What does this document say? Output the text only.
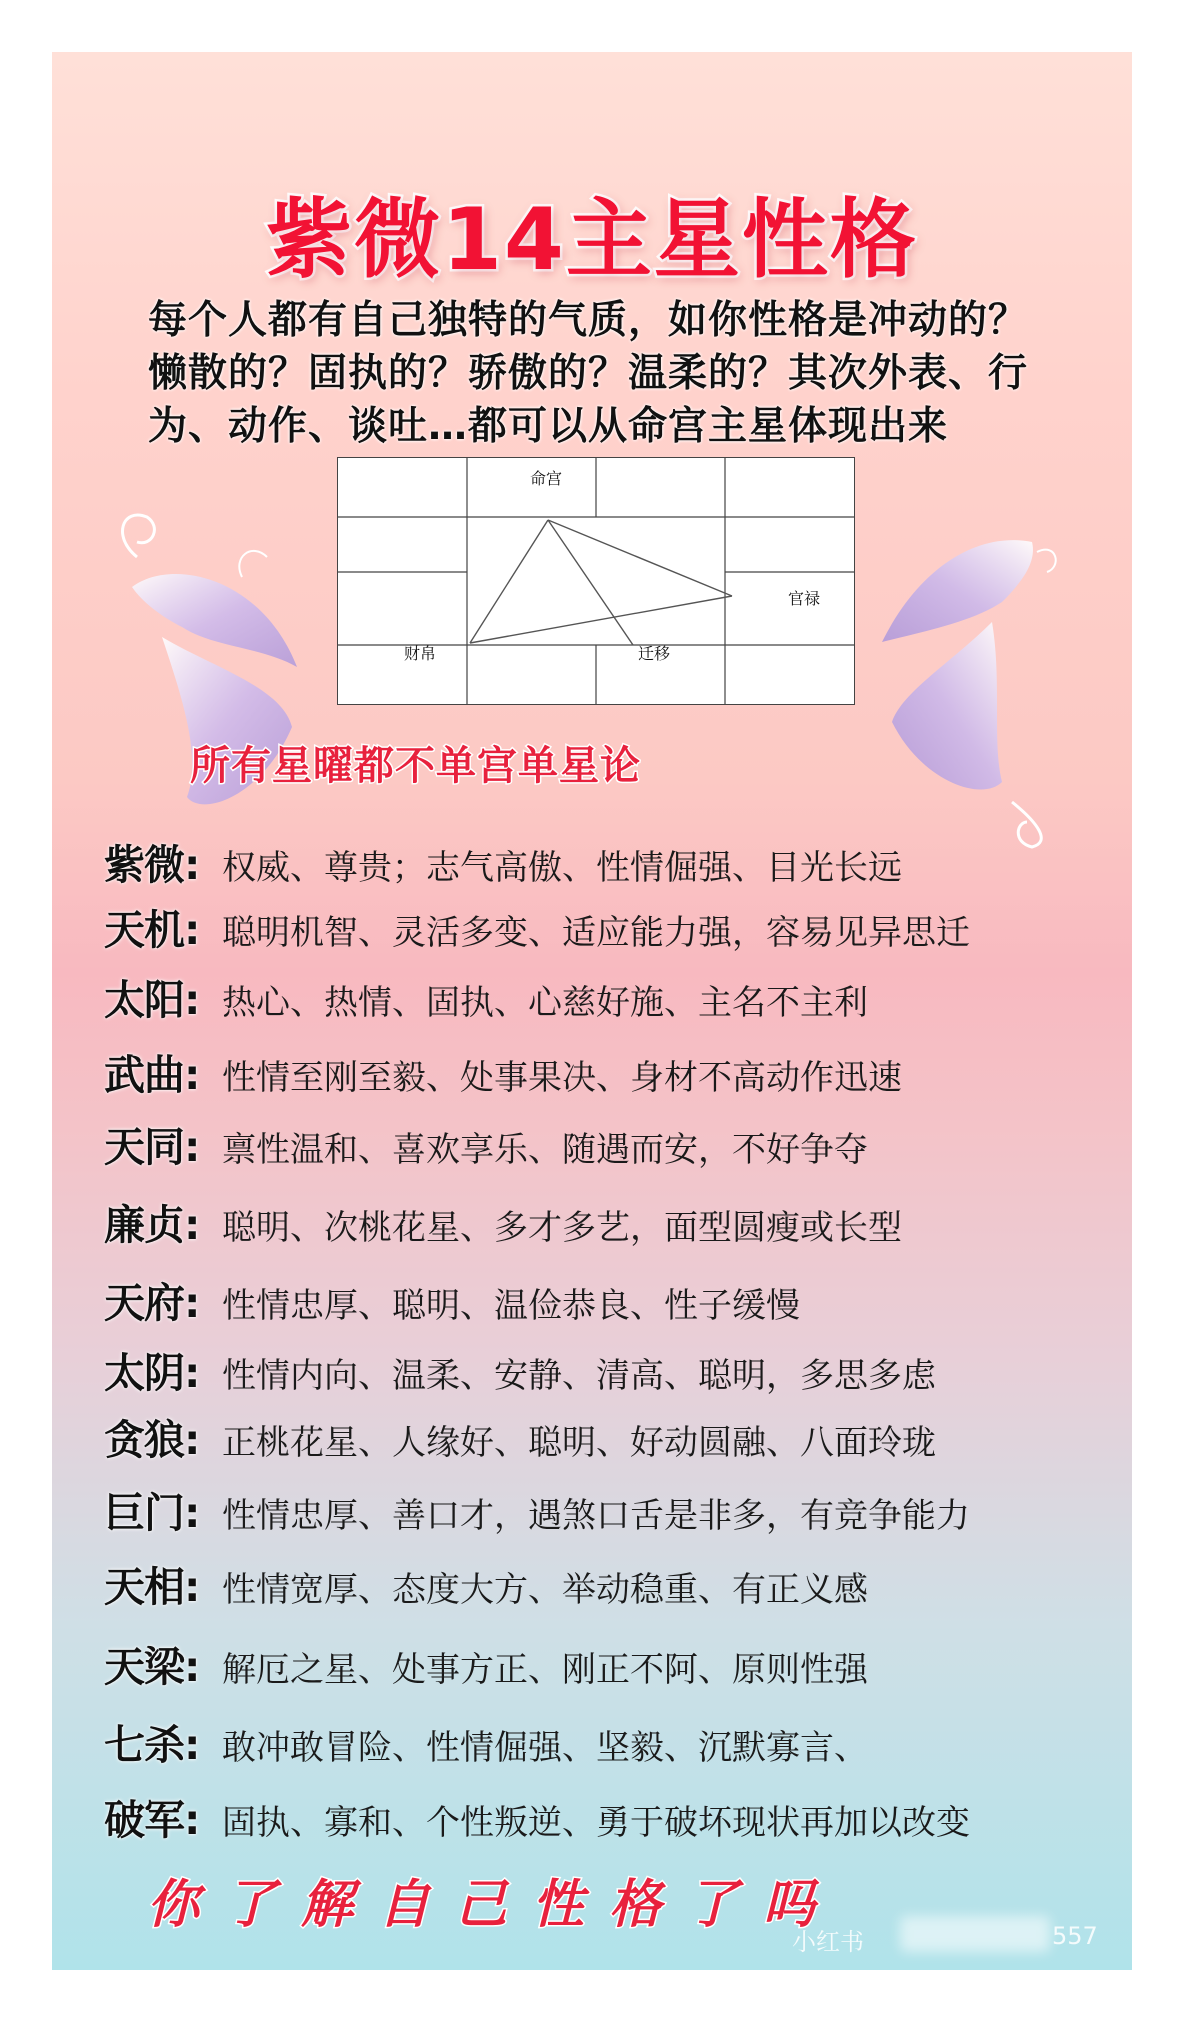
紫微14主星性格
每个人都有自己独特的气质，如你性格是冲动的？
懒散的？固执的？骄傲的？温柔的？其次外表、行
为、动作、谈吐…都可以从命宫主星体现出来
命宫
官禄
财帛	迁移
所有星曜都不单宫单星论
紫微: 权威、尊贵；志气高傲、性情倔强、目光长远
天机: 聪明机智、灵活多变、适应能力强，容易见异思迁
太阳: 热心、热情、固执、心慈好施、主名不主利
武曲: 性情至刚至毅、处事果决、身材不高动作迅速
天同: 禀性温和、喜欢享乐、随遇而安，不好争夺
廉贞: 聪明、次桃花星、多才多艺，面型圆瘦或长型
天府: 性情忠厚、聪明、温俭恭良、性子缓慢
太阴: 性情内向、温柔、安静、清高、聪明，多思多虑
贪狼: 正桃花星、人缘好、聪明、好动圆融、八面玲珑
巨门: 性情忠厚、善口才，遇煞口舌是非多，有竞争能力
天相: 性情宽厚、态度大方、举动稳重、有正义感
天梁: 解厄之星、处事方正、刚正不阿、原则性强
七杀: 敢冲敢冒险、性情倔强、坚毅、沉默寡言、
破军: 固执、寡和、个性叛逆、勇于破坏现状再加以改变
你了解自己性格了吗
小红书	557
